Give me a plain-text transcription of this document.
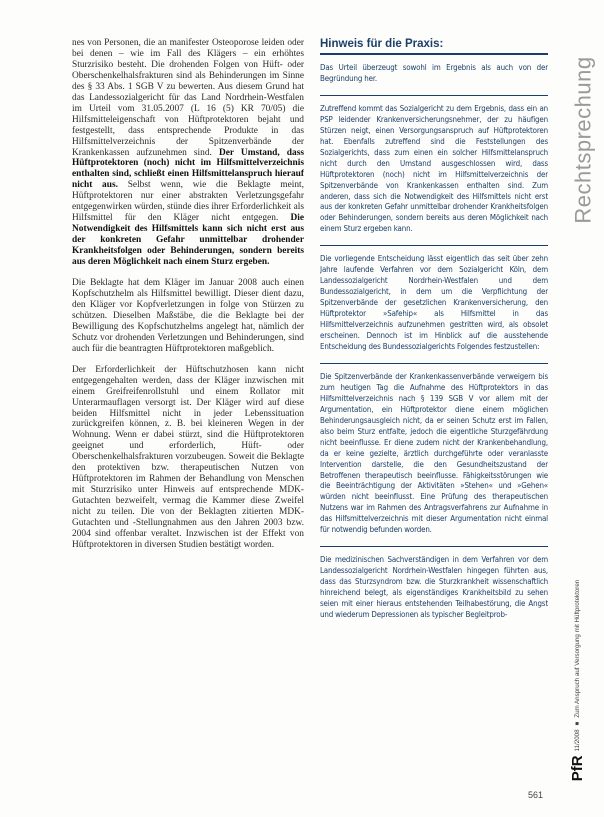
nes von Personen, die an manifester Osteoporose leiden oder bei denen – wie im Fall des Klägers – ein erhöhtes Sturzrisiko besteht. Die drohenden Folgen von Hüft- oder Oberschenkelhalsfrakturen sind als Behinderungen im Sinne des § 33 Abs. 1 SGB V zu bewerten. Aus diesem Grund hat das Landessozialgericht für das Land Nordrhein-Westfalen im Urteil vom 31.05.2007 (L 16 (5) KR 70/05) die Hilfsmitteleigenschaft von Hüftprotektoren bejaht und festgestellt, dass entsprechende Produkte in das Hilfsmittelverzeichnis der Spitzenverbände der Krankenkassen aufzunehmen sind. Der Umstand, dass Hüftprotektoren (noch) nicht im Hilfsmittelverzeichnis enthalten sind, schließt einen Hilfsmittelanspruch hierauf nicht aus. Selbst wenn, wie die Beklagte meint, Hüftprotektoren nur einer abstrakten Verletzungsgefahr entgegenwirken würden, stünde dies ihrer Erforderlichkeit als Hilfsmittel für den Kläger nicht entgegen. Die Notwendigkeit des Hilfsmittels kann sich nicht erst aus der konkreten Gefahr unmittelbar drohender Krankheitsfolgen oder Behinderungen, sondern bereits aus deren Möglichkeit nach einem Sturz ergeben.

Die Beklagte hat dem Kläger im Januar 2008 auch einen Kopfschutzhelm als Hilfsmittel bewilligt. Dieser dient dazu, den Kläger vor Kopfverletzungen in folge von Stürzen zu schützen. Dieselben Maßstäbe, die die Beklagte bei der Bewilligung des Kopfschutzhelms angelegt hat, nämlich der Schutz vor drohenden Verletzungen und Behinderungen, sind auch für die beantragten Hüftprotektoren maßgeblich.

Der Erforderlichkeit der Hüftschutzhosen kann nicht entgegengehalten werden, dass der Kläger inzwischen mit einem Greifreifenrollstuhl und einem Rollator mit Unterarmauflagen versorgt ist. Der Kläger wird auf diese beiden Hilfsmittel nicht in jeder Lebenssituation zurückgreifen können, z. B. bei kleineren Wegen in der Wohnung. Wenn er dabei stürzt, sind die Hüftprotektoren geeignet und erforderlich, Hüft- oder Oberschenkelhalsfrakturen vorzubeugen. Soweit die Beklagte den protektiven bzw. therapeutischen Nutzen von Hüftprotektoren im Rahmen der Behandlung von Menschen mit Sturzrisiko unter Hinweis auf entsprechende MDK-Gutachten bezweifelt, vermag die Kammer diese Zweifel nicht zu teilen. Die von der Beklagten zitierten MDK-Gutachten und -Stellungnahmen aus den Jahren 2003 bzw. 2004 sind offenbar veraltet. Inzwischen ist der Effekt von Hüftprotektoren in diversen Studien bestätigt worden.

Hinweis für die Praxis:

Das Urteil überzeugt sowohl im Ergebnis als auch von der Begründung her.

Zutreffend kommt das Sozialgericht zu dem Ergebnis, dass ein an PSP leidender Krankenversicherungsnehmer, der zu häufigen Stürzen neigt, einen Versorgungsanspruch auf Hüftprotektoren hat. Ebenfalls zutreffend sind die Feststellungen des Sozialgerichts, dass zum einen ein solcher Hilfsmittelanspruch nicht durch den Umstand ausgeschlossen wird, dass Hüftprotektoren (noch) nicht im Hilfsmittelverzeichnis der Spitzenverbände von Krankenkassen enthalten sind. Zum anderen, dass sich die Notwendigkeit des Hilfsmittels nicht erst aus der konkreten Gefahr unmittelbar drohender Krankheitsfolgen oder Behinderungen, sondern bereits aus deren Möglichkeit nach einem Sturz ergeben kann.

Die vorliegende Entscheidung lässt eigentlich das seit über zehn Jahre laufende Verfahren vor dem Sozialgericht Köln, dem Landessozialgericht Nordrhein-Westfalen und dem Bundessozialgericht, in dem um die Verpflichtung der Spitzenverbände der gesetzlichen Krankenversicherung, den Hüftprotektor »Safehip« als Hilfsmittel in das Hilfsmittelverzeichnis aufzunehmen gestritten wird, als obsolet erscheinen. Dennoch ist im Hinblick auf die ausstehende Entscheidung des Bundessozialgerichts Folgendes festzustellen:

Die Spitzenverbände der Krankenkassenverbände verweigern bis zum heutigen Tag die Aufnahme des Hüftprotektors in das Hilfsmittelverzeichnis nach § 139 SGB V vor allem mit der Argumentation, ein Hüftprotektor diene einem möglichen Behinderungsausgleich nicht, da er seinen Schutz erst im Fallen, also beim Sturz entfalte, jedoch die eigentliche Sturzgefährdung nicht beeinflusse. Er diene zudem nicht der Krankenbehandlung, da er keine gezielte, ärztlich durchgeführte oder veranlasste Intervention darstelle, die den Gesundheitszustand der Betroffenen therapeutisch beeinflusse. Fähigkeitsstörungen wie die Beeinträchtigung der Aktivitäten »Stehen« und »Gehen« würden nicht beeinflusst. Eine Prüfung des therapeutischen Nutzens war im Rahmen des Antragsverfahrens zur Aufnahme in das Hilfsmittelverzeichnis mit dieser Argumentation nicht einmal für notwendig befunden worden.

Die medizinischen Sachverständigen in dem Verfahren vor dem Landessozialgericht Nordrhein-Westfalen hingegen führten aus, dass das Sturzsyndrom bzw. die Sturzkrankheit wissenschaftlich hinreichend belegt, als eigenständiges Krankheitsbild zu sehen seien mit einer hieraus entstehenden Teilhabestörung, die Angst und wiederum Depressionen als typischer Begleitprob-

Rechtsprechung
PfR
11/2008
■
Zum Anspruch auf Versorgung mit Hüftprotektoren
561
